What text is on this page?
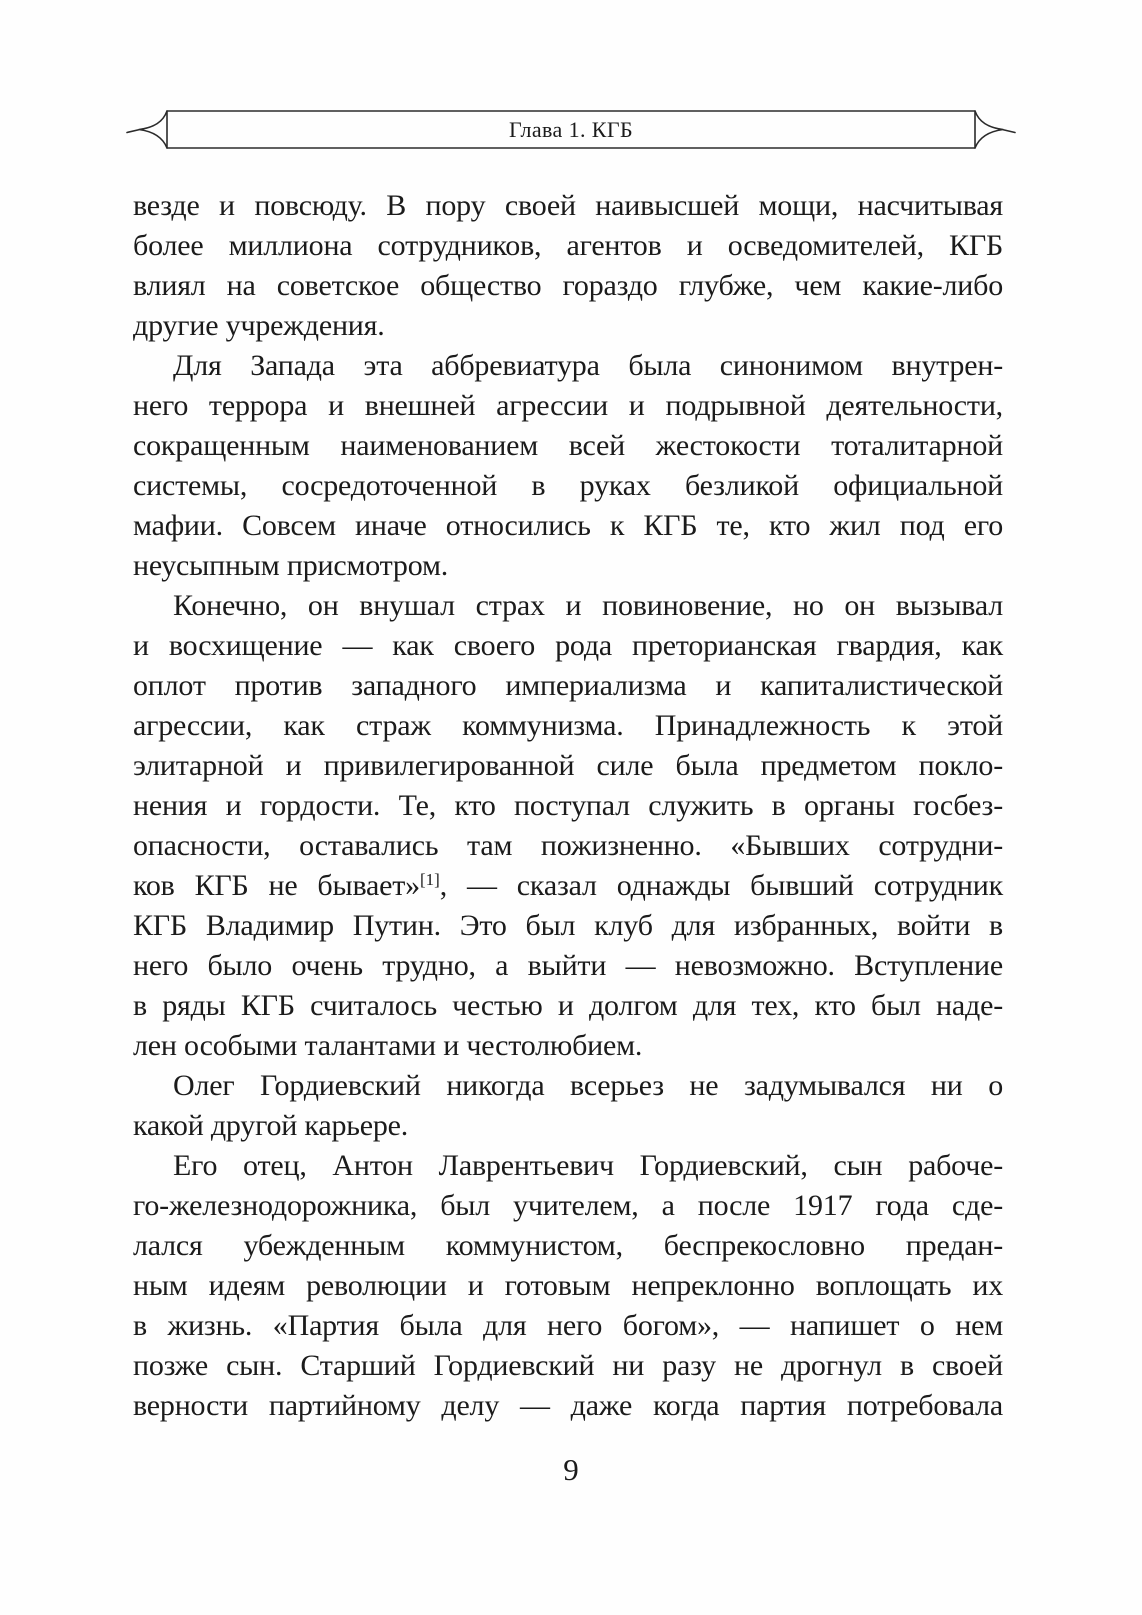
Глава 1. КГБ
везде и повсюду. В пору своей наивысшей мощи, насчитывая
более миллиона сотрудников, агентов и осведомителей, КГБ
влиял на советское общество гораздо глубже, чем какие-либо
другие учреждения.
Для Запада эта аббревиатура была синонимом внутрен-
него террора и внешней агрессии и подрывной деятельности,
сокращенным наименованием всей жестокости тоталитарной
системы, сосредоточенной в руках безликой официальной
мафии. Совсем иначе относились к КГБ те, кто жил под его
неусыпным присмотром.
Конечно, он внушал страх и повиновение, но он вызывал
и восхищение — как своего рода преторианская гвардия, как
оплот против западного империализма и капиталистической
агрессии, как страж коммунизма. Принадлежность к этой
элитарной и привилегированной силе была предметом покло-
нения и гордости. Те, кто поступал служить в органы госбез-
опасности, оставались там пожизненно. «Бывших сотрудни-
ков КГБ не бывает»[1], — сказал однажды бывший сотрудник
КГБ Владимир Путин. Это был клуб для избранных, войти в
него было очень трудно, а выйти — невозможно. Вступление
в ряды КГБ считалось честью и долгом для тех, кто был наде-
лен особыми талантами и честолюбием.
Олег Гордиевский никогда всерьез не задумывался ни о
какой другой карьере.
Его отец, Антон Лаврентьевич Гордиевский, сын рабоче-
го-железнодорожника, был учителем, а после 1917 года сде-
лался убежденным коммунистом, беспрекословно предан-
ным идеям революции и готовым непреклонно воплощать их
в жизнь. «Партия была для него богом», — напишет о нем
позже сын. Старший Гордиевский ни разу не дрогнул в своей
верности партийному делу — даже когда партия потребовала
9
